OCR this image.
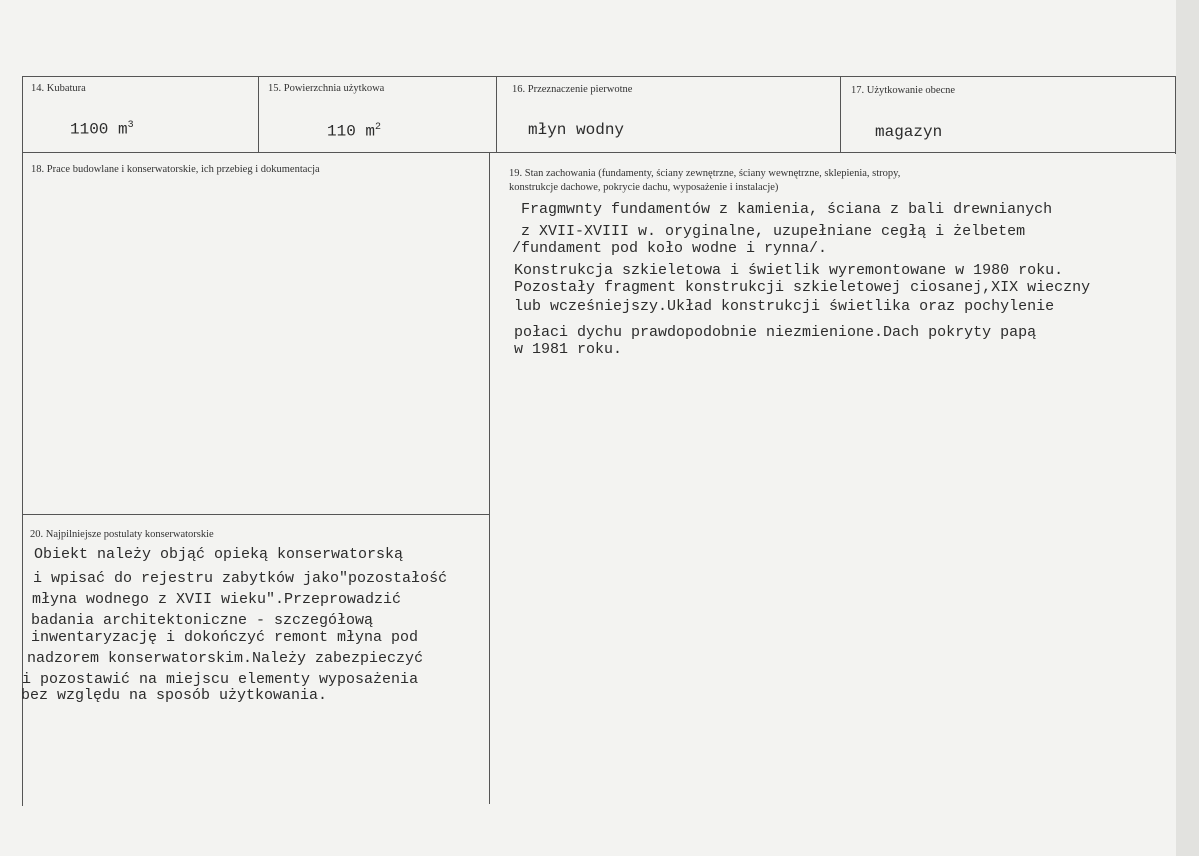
14. Kubatura
1100 $m^3$
15. Powierzchnia użytkowa
110 $m^2$
16. Przeznaczenie pierwotne
młyn wodny
17. Użytkowanie obecne
magazyn
18. Prace budowlane i konserwatorskie, ich przebieg i dokumentacja	19. Stan zachowania (fundamenty, ściany zewnętrzne, ściany wewnętrzne, sklepienia, stropy,
konstrukcje dachowe, pokrycie dachu, wyposażenie i instalacje)
Fragmwnty fundamentów z kamienia, ściana z bali drewnianych
z XVII-XVIII w. oryginalne, uzupełniane cegłą i żelbetem
/fundament pod koło wodne i rynna/.
Konstrukcja szkieletowa i świetlik wyremontowane w 1980 roku.
Pozostały fragment konstrukcji szkieletowej ciosanej,XIX wieczny
lub wcześniejszy.Układ konstrukcji świetlika oraz pochylenie
połaci dychu prawdopodobnie niezmienione.Dach pokryty papą
w 1981 roku.
20. Najpilniejsze postulaty konserwatorskie
Obiekt należy objąć opieką konserwatorską
i wpisać do rejestru zabytków jako"pozostałość
młyna wodnego z XVII wieku".Przeprowadzić
badania architektoniczne - szczegółową
inwentaryzację i dokończyć remont młyna pod
nadzorem konserwatorskim.Należy zabezpieczyć
i pozostawić na miejscu elementy wyposażenia
bez względu na sposób użytkowania.
